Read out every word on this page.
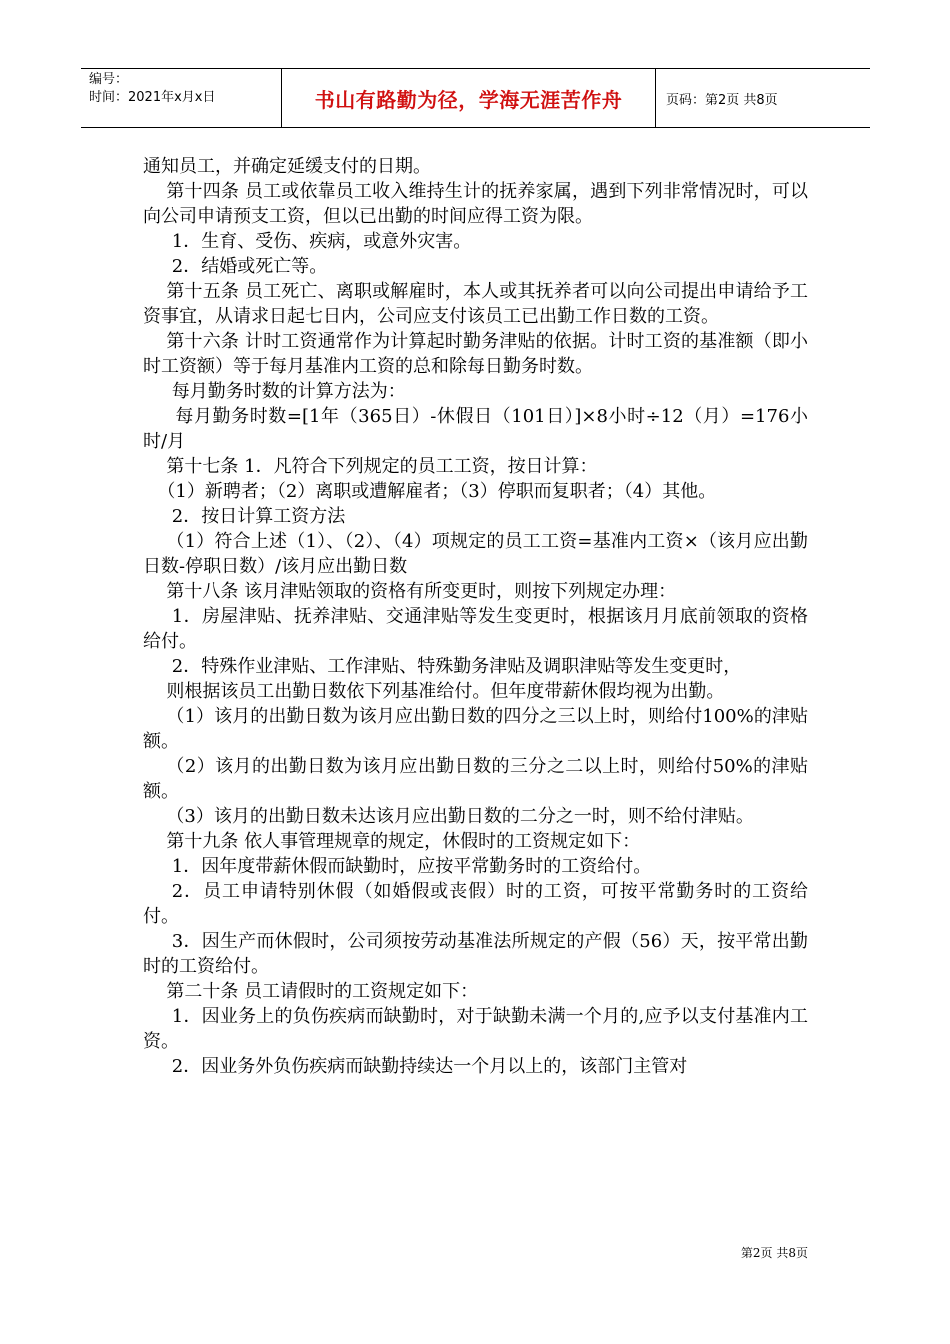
编号：
时间：2021年x月x日	书山有路勤为径，学海无涯苦作舟	页码：第2页 共8页

通知员工，并确定延缓支付的日期。

第十四条 员工或依靠员工收入维持生计的抚养家属，遇到下列非常情况时，可以向公司申请预支工资，但以已出勤的时间应得工资为限。

1．生育、受伤、疾病，或意外灾害。

2．结婚或死亡等。

第十五条 员工死亡、离职或解雇时，本人或其抚养者可以向公司提出申请给予工资事宜，从请求日起七日内，公司应支付该员工已出勤工作日数的工资。

第十六条 计时工资通常作为计算起时勤务津贴的依据。计时工资的基准额（即小时工资额）等于每月基准内工资的总和除每日勤务时数。

每月勤务时数的计算方法为：

每月勤务时数=[1年（365日）-休假日（101日）]×8小时÷12（月）=176小时/月

第十七条 1．凡符合下列规定的员工工资，按日计算：

（1）新聘者；（2）离职或遭解雇者；（3）停职而复职者；（4）其他。

2．按日计算工资方法

（1）符合上述（1）、（2）、（4）项规定的员工工资=基准内工资×（该月应出勤日数-停职日数）/该月应出勤日数

第十八条 该月津贴领取的资格有所变更时，则按下列规定办理：

1．房屋津贴、抚养津贴、交通津贴等发生变更时，根据该月月底前领取的资格给付。

2．特殊作业津贴、工作津贴、特殊勤务津贴及调职津贴等发生变更时，

则根据该员工出勤日数依下列基准给付。但年度带薪休假均视为出勤。

（1）该月的出勤日数为该月应出勤日数的四分之三以上时，则给付100%的津贴额。

（2）该月的出勤日数为该月应出勤日数的三分之二以上时，则给付50%的津贴额。

（3）该月的出勤日数未达该月应出勤日数的二分之一时，则不给付津贴。

第十九条 依人事管理规章的规定，休假时的工资规定如下：

1．因年度带薪休假而缺勤时，应按平常勤务时的工资给付。

2．员工申请特别休假（如婚假或丧假）时的工资，可按平常勤务时的工资给付。

3．因生产而休假时，公司须按劳动基准法所规定的产假（56）天，按平常出勤时的工资给付。

第二十条 员工请假时的工资规定如下：

1．因业务上的负伤疾病而缺勤时，对于缺勤未满一个月的,应予以支付基准内工资。

2．因业务外负伤疾病而缺勤持续达一个月以上的，该部门主管对

第2页 共8页
